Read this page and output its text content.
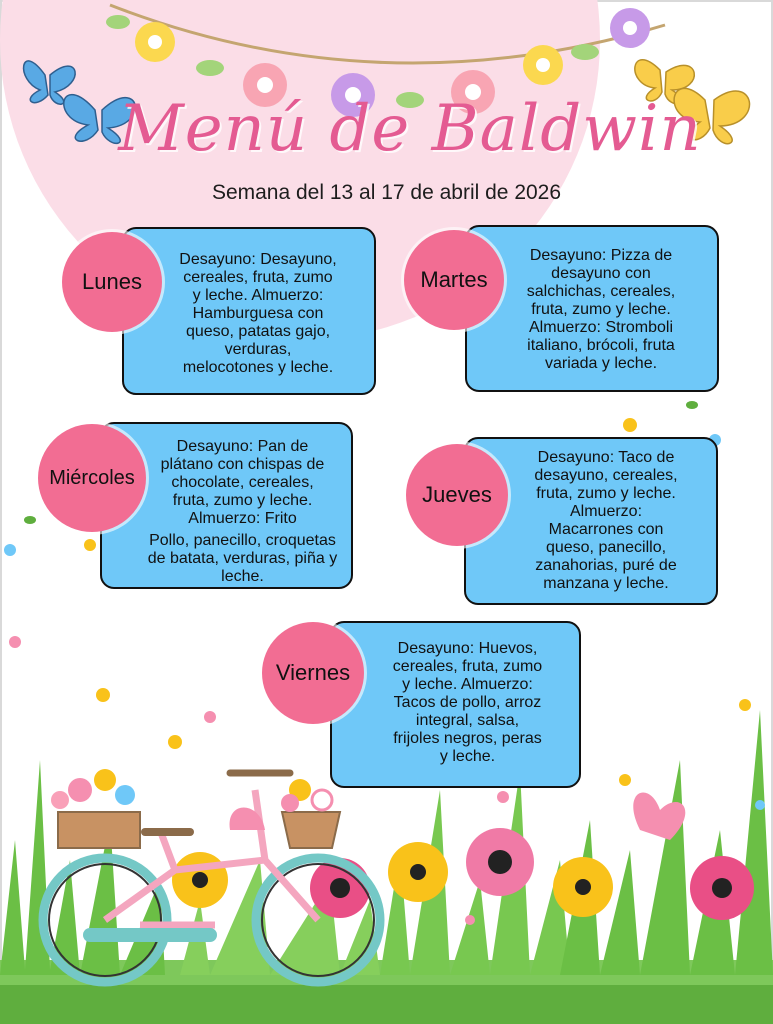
Menú de Baldwin
Semana del 13 al 17 de abril de 2026

Desayuno: Desayuno,

cereales, fruta, zumo

y leche. Almuerzo:

Hamburguesa con

queso, patatas gajo,

verduras,

melocotones y leche.

Lunes

Desayuno: Pizza de

desayuno con

salchichas, cereales,

fruta, zumo y leche.

Almuerzo: Stromboli

italiano, brócoli, fruta

variada y leche.

Martes

Desayuno: Pan de

plátano con chispas de

chocolate, cereales,

fruta, zumo y leche.

Almuerzo: Frito

Pollo, panecillo, croquetas

de batata, verduras, piña y

leche.

Miércoles

Desayuno: Taco de

desayuno, cereales,

fruta, zumo y leche.

Almuerzo:

Macarrones con

queso, panecillo,

zanahorias, puré de

manzana y leche.

Jueves

Desayuno: Huevos,

cereales, fruta, zumo

y leche. Almuerzo:

Tacos de pollo, arroz

integral, salsa,

frijoles negros, peras

y leche.

Viernes
